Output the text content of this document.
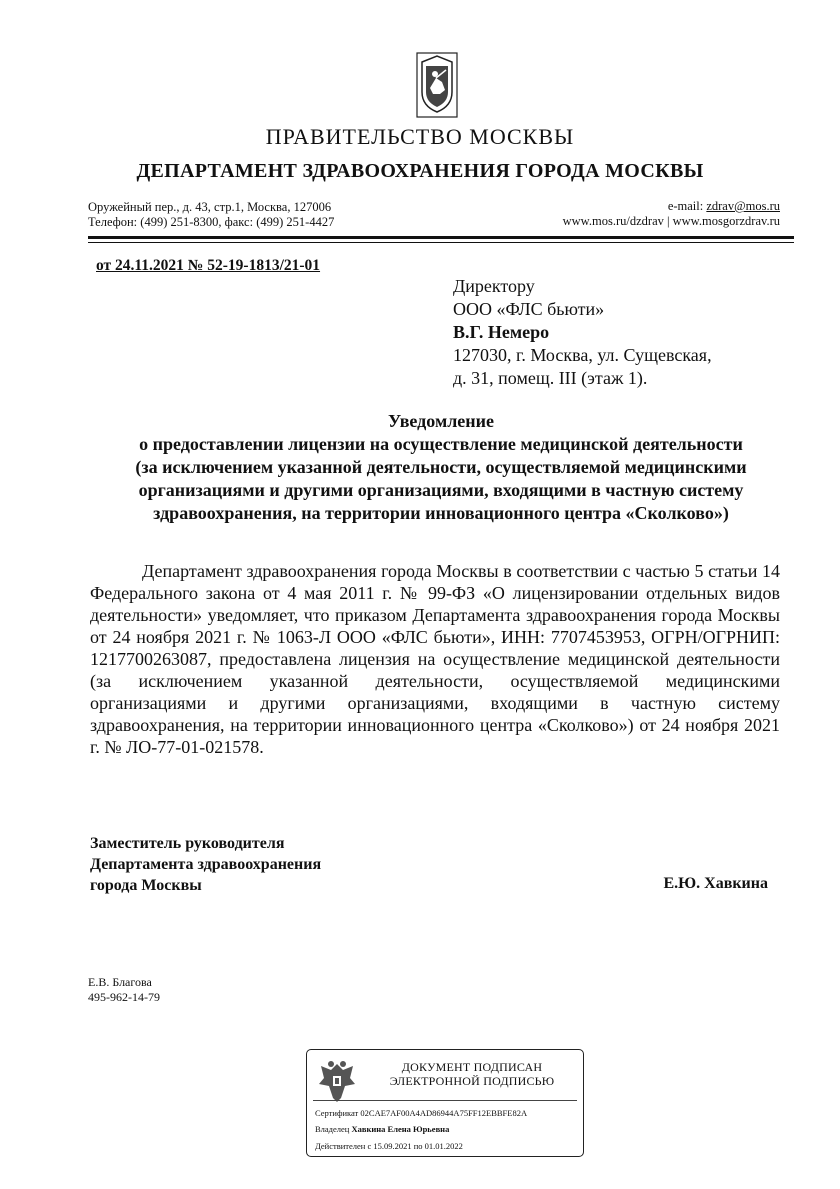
ПРАВИТЕЛЬСТВО МОСКВЫ
ДЕПАРТАМЕНТ ЗДРАВООХРАНЕНИЯ ГОРОДА МОСКВЫ
Оружейный пер., д. 43, стр.1, Москва, 127006
Телефон: (499) 251-8300, факс: (499) 251-4427
e-mail: zdrav@mos.ru
www.mos.ru/dzdrav | www.mosgorzdrav.ru
от 24.11.2021 № 52-19-1813/21-01
Директору
ООО «ФЛС бьюти»
В.Г. Немеро
127030, г. Москва, ул. Сущевская,
д. 31, помещ. III (этаж 1).
Уведомление
о предоставлении лицензии на осуществление медицинской деятельности
(за исключением указанной деятельности, осуществляемой медицинскими
организациями и другими организациями, входящими в частную систему
здравоохранения, на территории инновационного центра «Сколково»)

Департамент здравоохранения города Москвы в соответствии с частью 5 статьи 14 Федерального закона от 4 мая 2011 г. № 99-ФЗ «О лицензировании отдельных видов деятельности» уведомляет, что приказом Департамента здравоохранения города Москвы от 24 ноября 2021 г. № 1063-Л ООО «ФЛС бьюти», ИНН: 7707453953, ОГРН/ОГРНИП: 1217700263087, предоставлена лицензия на осуществление медицинской деятельности (за исключением указанной деятельности, осуществляемой медицинскими организациями и другими организациями, входящими в частную систему здравоохранения, на территории инновационного центра «Сколково») от 24 ноября 2021 г. № ЛО-77-01-021578.

Заместитель руководителя
Департамента здравоохранения
города Москвы	Е.Ю. Хавкина
Е.В. Благова
495-962-14-79
ДОКУМЕНТ ПОДПИСАН
ЭЛЕКТРОННОЙ ПОДПИСЬЮ
Сертификат 02CAE7AF00A4AD86944A75FF12EBBFE82A
Владелец Хавкина Елена Юрьевна
Действителен с 15.09.2021 по 01.01.2022
